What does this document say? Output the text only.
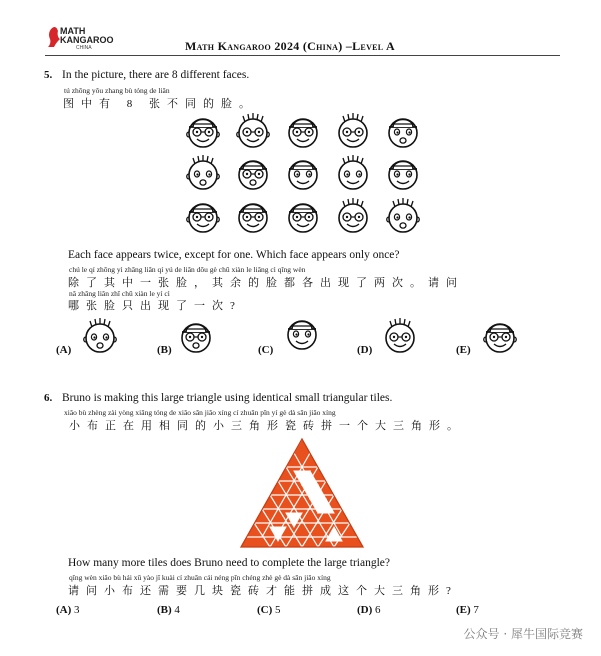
MATH
KANGAROO
CHINA	Math Kangaroo 2024 (China) –Level A
5. In the picture, there are 8 different faces.
tú zhōng yǒu zhang bù tóng de liǎn
图中有 8 张不同的脸。
Each face appears twice, except for one. Which face appears only once?
chú le qí zhōng yì zhāng liǎn qí yú de liǎn dōu gè chū xiàn le liǎng cì qǐng wèn
除了其中一张脸，其余的脸都各出现了两次。请问
nǎ zhāng liǎn zhǐ chū xiàn le yí cì
哪张脸只出现了一次?
(A)	(B)	(C)	(D)	(E)
6. Bruno is making this large triangle using identical small triangular tiles.
xiǎo bù zhèng zài yòng xiāng tóng de xiǎo sān jiǎo xíng cí zhuān pīn yí gè dà sān jiǎo xíng
小布正在用相同的小三角形瓷砖拼一个大三角形。
How many more tiles does Bruno need to complete the large triangle?
qǐng wèn xiǎo bù hái xū yào jǐ kuài cí zhuān cái néng pīn chéng zhè gè dà sān jiǎo xíng
请问小布还需要几块瓷砖才能拼成这个大三角形?
(A) 3	(B) 4	(C) 5	(D) 6	(E) 7
公众号 · 犀牛国际竞赛
